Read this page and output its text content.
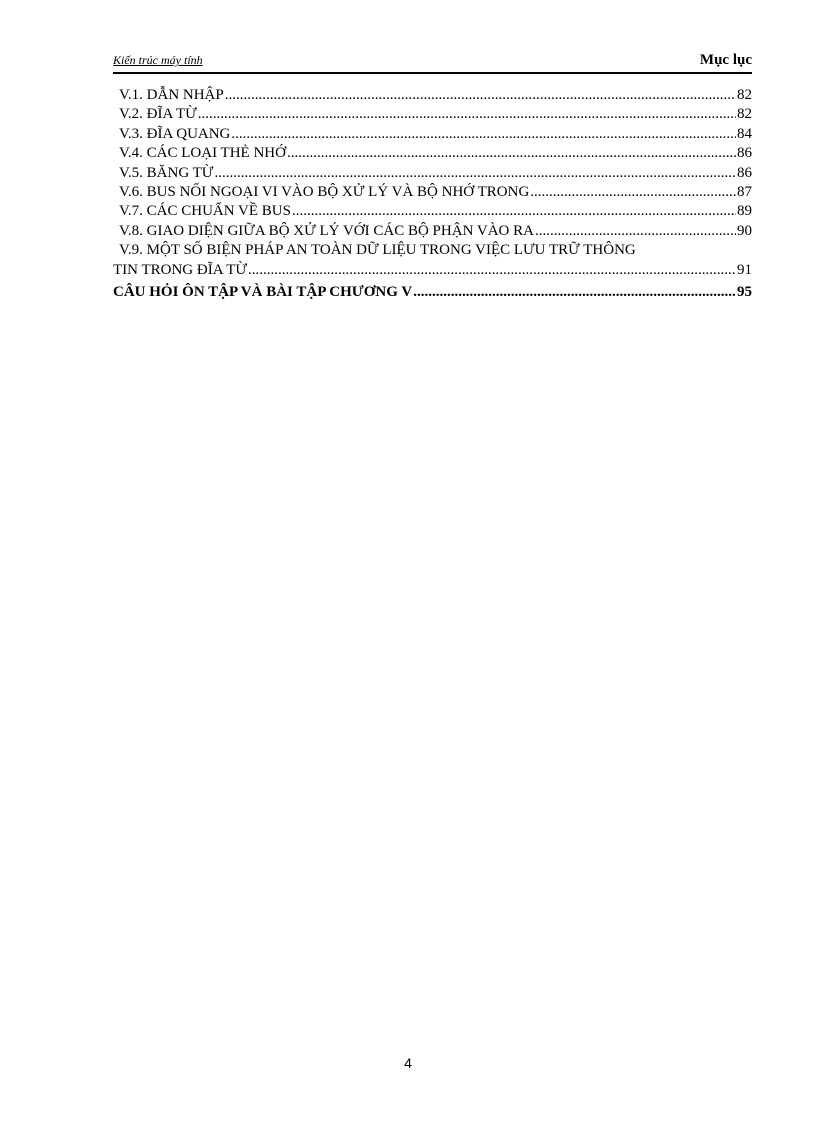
Kiến trúc máy tính	Mục lục
V.1. DẪN NHẬP .....	82
V.2. ĐĨA TỪ .....	82
V.3. ĐĨA QUANG .....	84
V.4. CÁC LOẠI THẺ NHỚ .....	86
V.5. BĂNG TỪ .....	86
V.6. BUS NỐI NGOẠI VI VÀO BỘ XỬ LÝ VÀ BỘ NHỚ TRONG .....	87
V.7. CÁC CHUẨN VỀ BUS .....	89
V.8. GIAO DIỆN GIỮA BỘ XỬ LÝ VỚI CÁC BỘ PHẬN VÀO RA .....	90
V.9. MỘT SỐ BIỆN PHÁP AN TOÀN DỮ LIỆU TRONG VIỆC LƯU TRỮ THÔNG
TIN TRONG ĐĨA TỪ .....	91
CÂU HỎI ÔN TẬP VÀ BÀI TẬP CHƯƠNG V .....	95
4
